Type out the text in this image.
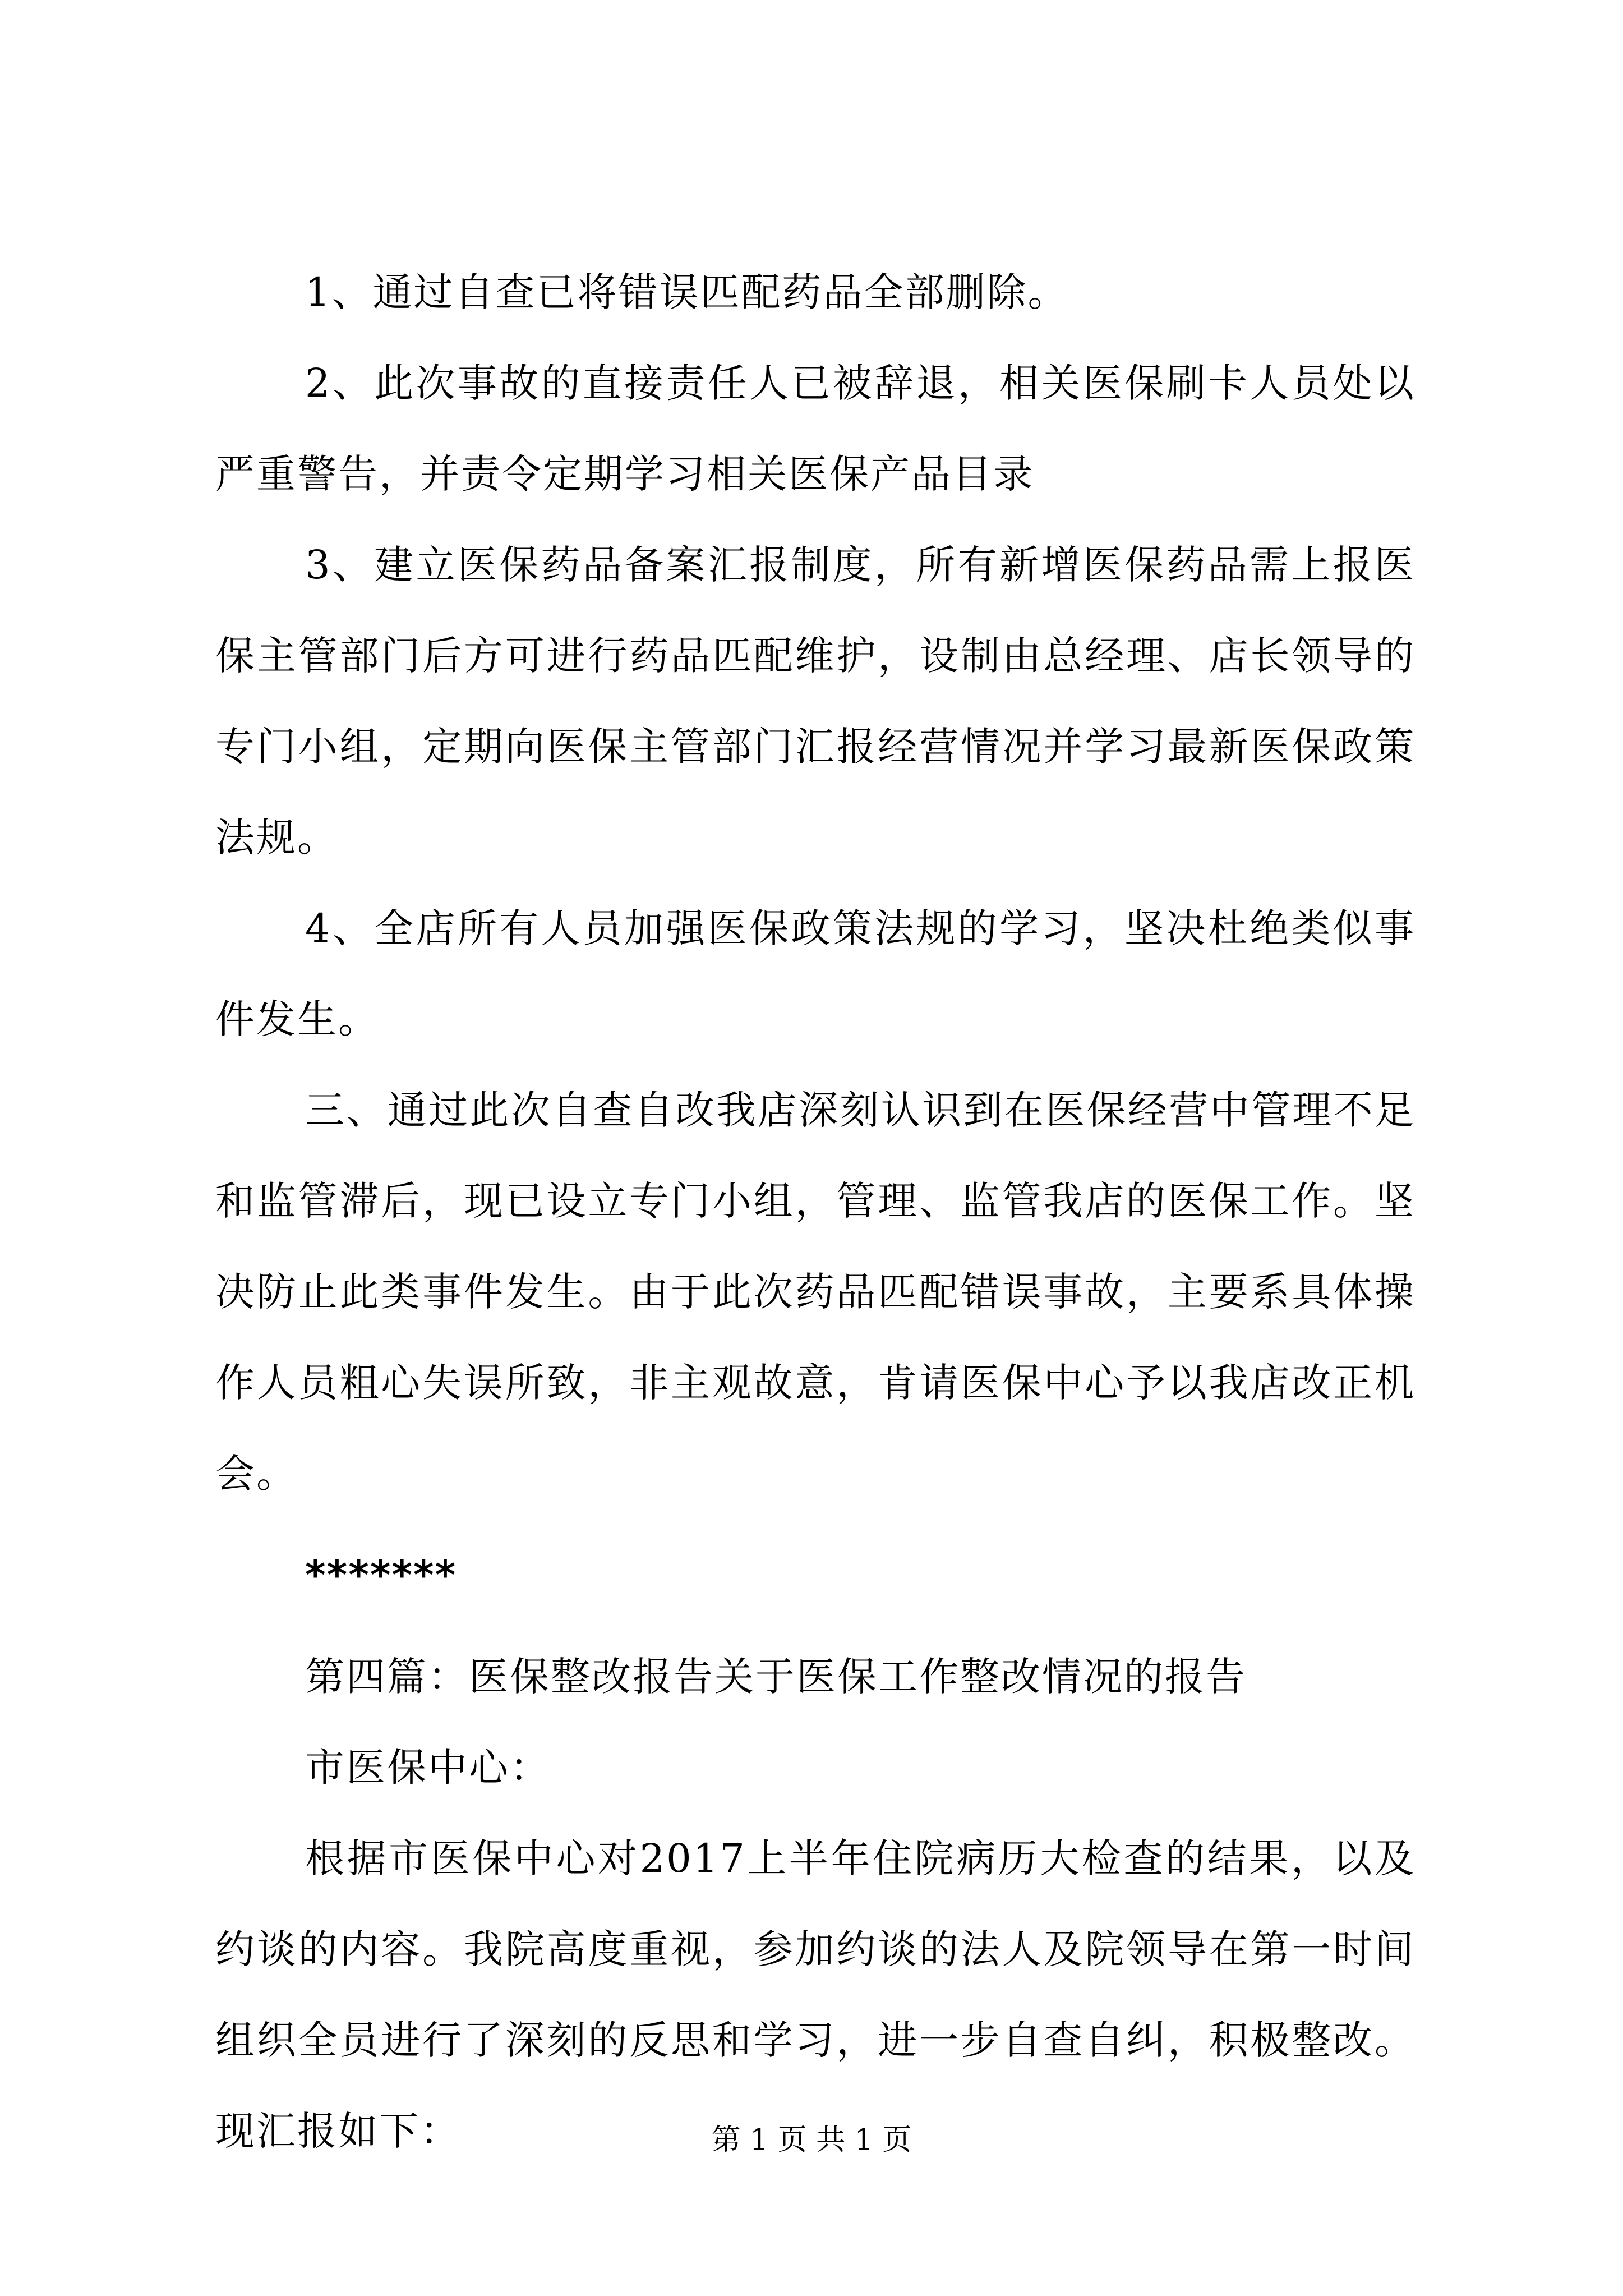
1、通过自查已将错误匹配药品全部删除。

2、此次事故的直接责任人已被辞退，相关医保刷卡人员处以严重警告，并责令定期学习相关医保产品目录

3、建立医保药品备案汇报制度，所有新增医保药品需上报医保主管部门后方可进行药品匹配维护，设制由总经理、店长领导的专门小组，定期向医保主管部门汇报经营情况并学习最新医保政策法规。

4、全店所有人员加强医保政策法规的学习，坚决杜绝类似事件发生。

三、通过此次自查自改我店深刻认识到在医保经营中管理不足和监管滞后，现已设立专门小组，管理、监管我店的医保工作。坚决防止此类事件发生。由于此次药品匹配错误事故，主要系具体操作人员粗心失误所致，非主观故意，肯请医保中心予以我店改正机会。

*******

第四篇：医保整改报告关于医保工作整改情况的报告

市医保中心：

根据市医保中心对2017上半年住院病历大检查的结果，以及约谈的内容。我院高度重视，参加约谈的法人及院领导在第一时间组织全员进行了深刻的反思和学习，进一步自查自纠，积极整改。现汇报如下：	第 1 页 共 1 页
